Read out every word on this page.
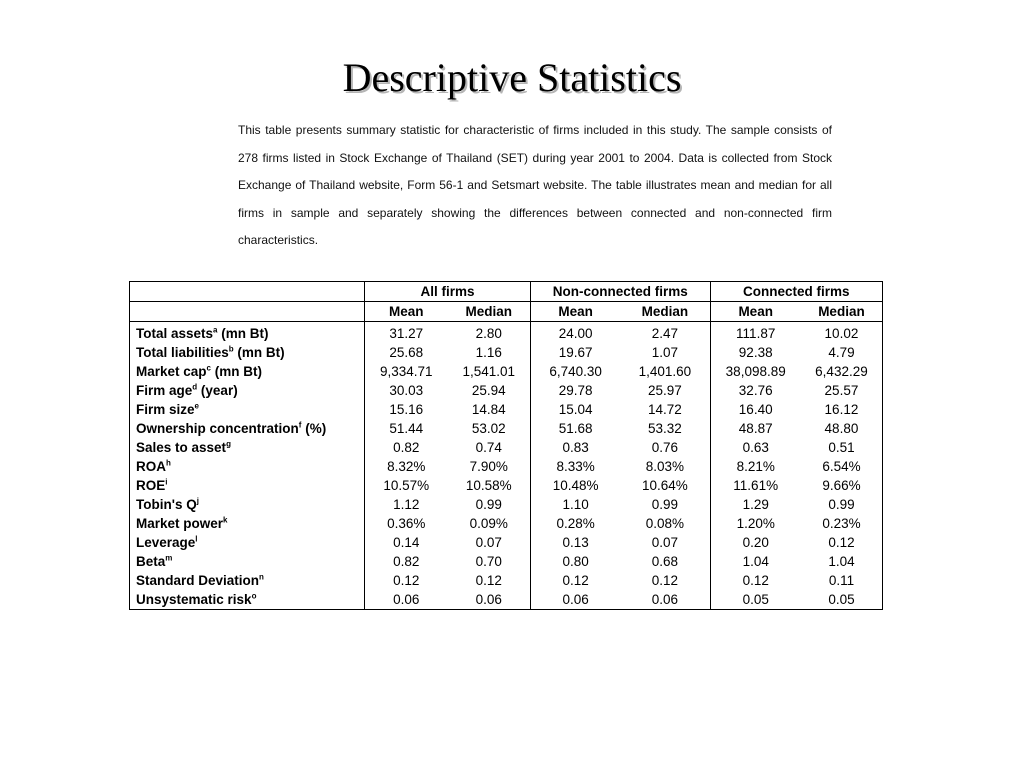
Descriptive Statistics

This table presents summary statistic for characteristic of firms included in this study. The sample consists of 278 firms listed in Stock Exchange of Thailand (SET) during year 2001 to 2004. Data is collected from Stock Exchange of Thailand website, Form 56-1 and Setsmart website. The table illustrates mean and median for all firms in sample and separately showing the differences between connected and non-connected firm characteristics.

	All firms		Non-connected firms		Connected firms	
	Mean	Median	Mean	Median	Mean	Median
Total assets$^a$ (mn Bt)	31.27	2.80	24.00	2.47	111.87	10.02
Total liabilities$^b$ (mn Bt)	25.68	1.16	19.67	1.07	92.38	4.79
Market cap$^c$ (mn Bt)	9,334.71	1,541.01	6,740.30	1,401.60	38,098.89	6,432.29
Firm age$^d$ (year)	30.03	25.94	29.78	25.97	32.76	25.57
Firm size$^e$	15.16	14.84	15.04	14.72	16.40	16.12
Ownership concentration$^f$ (%)	51.44	53.02	51.68	53.32	48.87	48.80
Sales to asset$^g$	0.82	0.74	0.83	0.76	0.63	0.51
ROA$^h$	8.32%	7.90%	8.33%	8.03%	8.21%	6.54%
ROE$^i$	10.57%	10.58%	10.48%	10.64%	11.61%	9.66%
Tobin's $Q^j$	1.12	0.99	1.10	0.99	1.29	0.99
Market power$^k$	0.36%	0.09%	0.28%	0.08%	1.20%	0.23%
Leverage$^l$	0.14	0.07	0.13	0.07	0.20	0.12
Beta$^m$	0.82	0.70	0.80	0.68	1.04	1.04
Standard Deviation$^n$	0.12	0.12	0.12	0.12	0.12	0.11
Unsystematic risk$^o$	0.06	0.06	0.06	0.06	0.05	0.05
